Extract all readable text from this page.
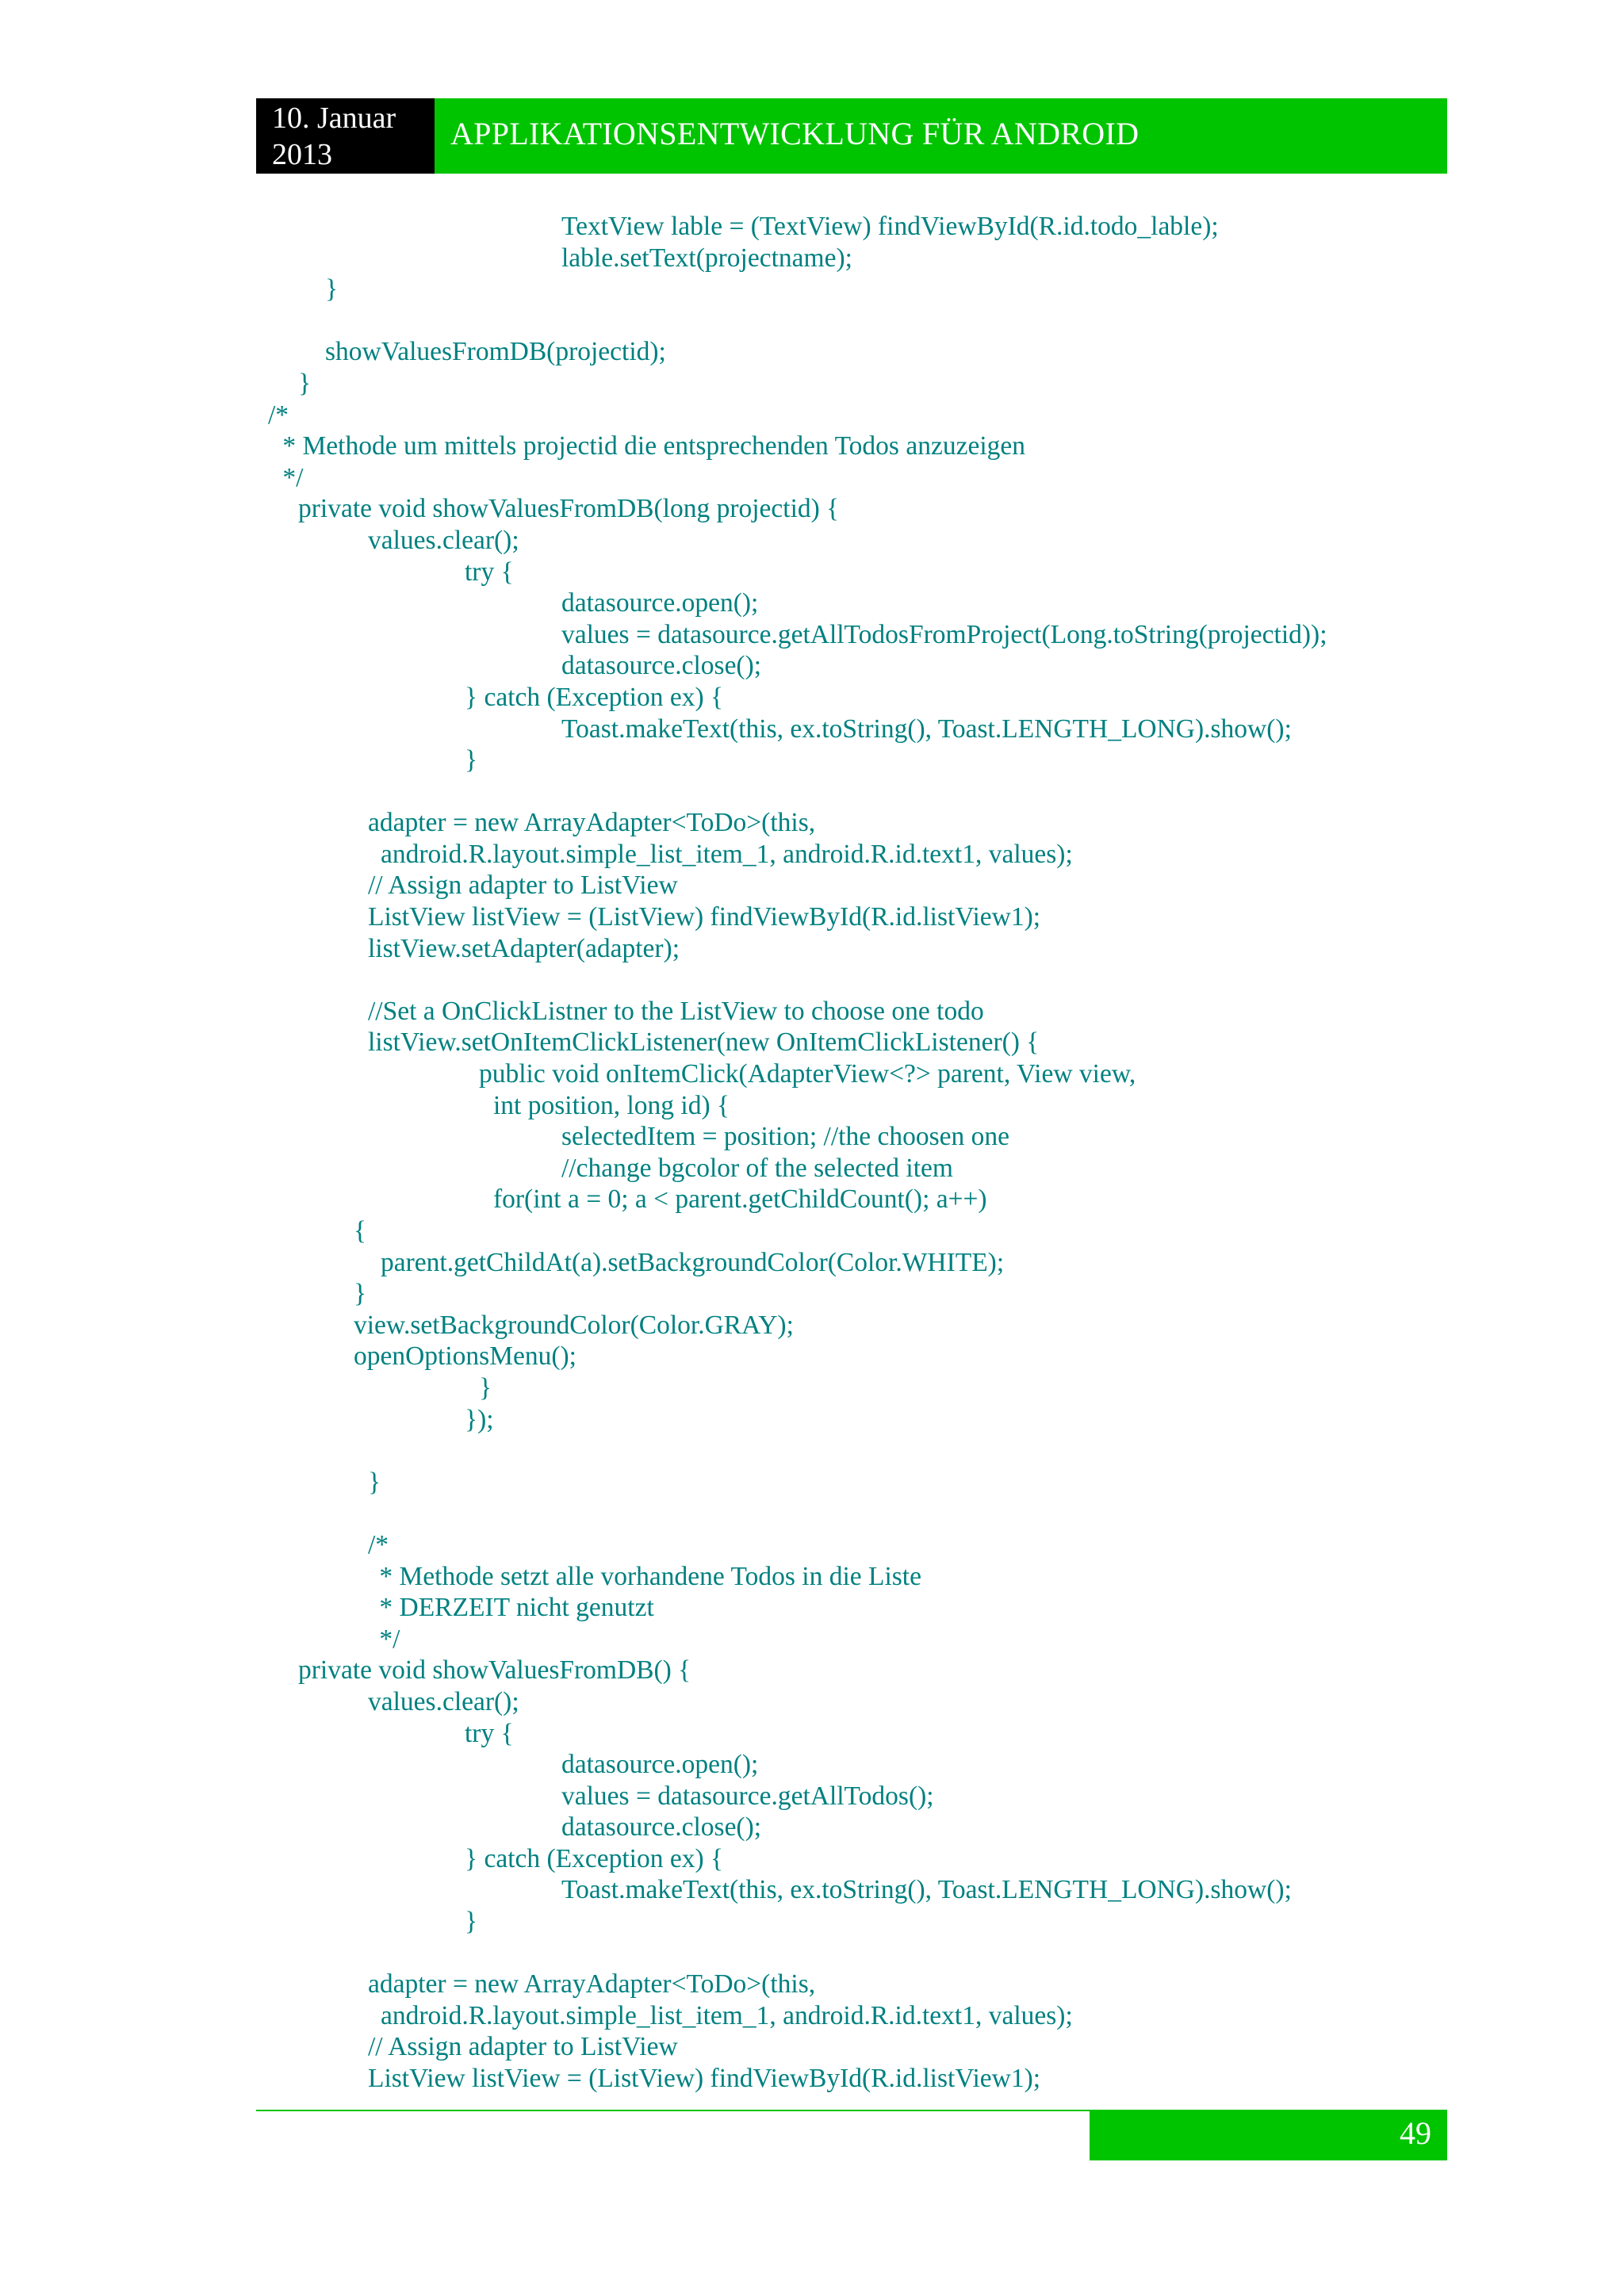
10. Januar 2013
APPLIKATIONSENTWICKLUNG FÜR ANDROID
TextView lable = (TextView) findViewById(R.id.todo_lable);
lable.setText(projectname);
}
showValuesFromDB(projectid);
}
/*
* Methode um mittels projectid die entsprechenden Todos anzuzeigen
*/
private void showValuesFromDB(long projectid) {
values.clear();
try {
datasource.open();
values = datasource.getAllTodosFromProject(Long.toString(projectid));
datasource.close();
} catch (Exception ex) {
Toast.makeText(this, ex.toString(), Toast.LENGTH_LONG).show();
}
adapter = new ArrayAdapter<ToDo>(this,
android.R.layout.simple_list_item_1, android.R.id.text1, values);
// Assign adapter to ListView
ListView listView = (ListView) findViewById(R.id.listView1);
listView.setAdapter(adapter);
//Set a OnClickListner to the ListView to choose one todo
listView.setOnItemClickListener(new OnItemClickListener() {
public void onItemClick(AdapterView<?> parent, View view,
int position, long id) {
selectedItem = position; //the choosen one
//change bgcolor of the selected item
for(int a = 0; a < parent.getChildCount(); a++)
{
parent.getChildAt(a).setBackgroundColor(Color.WHITE);
}
view.setBackgroundColor(Color.GRAY);
openOptionsMenu();
}
});
}
/*
* Methode setzt alle vorhandene Todos in die Liste
* DERZEIT nicht genutzt
*/
private void showValuesFromDB() {
values.clear();
try {
datasource.open();
values = datasource.getAllTodos();
datasource.close();
} catch (Exception ex) {
Toast.makeText(this, ex.toString(), Toast.LENGTH_LONG).show();
}
adapter = new ArrayAdapter<ToDo>(this,
android.R.layout.simple_list_item_1, android.R.id.text1, values);
// Assign adapter to ListView
ListView listView = (ListView) findViewById(R.id.listView1);
49
